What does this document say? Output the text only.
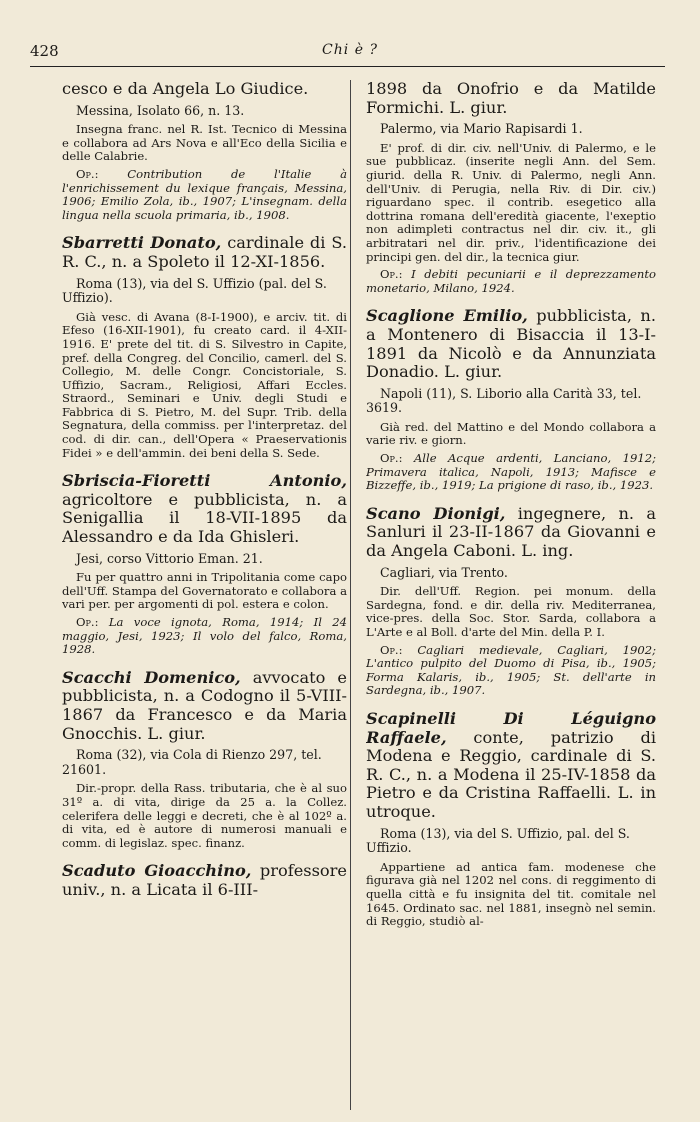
428	Chi è ?

cesco e da Angela Lo Giudice.

Messina, Isolato 66, n. 13.

Insegna franc. nel R. Ist. Tecnico di Messina e collabora ad Ars Nova e all'Eco della Sicilia e delle Calabrie.

Op.: Contribution de l'Italie à l'enrichissement du lexique français, Messina, 1906; Emilio Zola, ib., 1907; L'insegnam. della lingua nella scuola primaria, ib., 1908.

Sbarretti Donato, cardinale di S. R. C., n. a Spoleto il 12-XI-1856.

Roma (13), via del S. Uffizio (pal. del S. Uffizio).

Già vesc. di Avana (8-I-1900), e arciv. tit. di Efeso (16-XII-1901), fu creato card. il 4-XII-1916. E' prete del tit. di S. Silvestro in Capite, pref. della Congreg. del Concilio, camerl. del S. Collegio, M. delle Congr. Concistoriale, S. Uffizio, Sacram., Religiosi, Affari Eccles. Straord., Seminari e Univ. degli Studi e Fabbrica di S. Pietro, M. del Supr. Trib. della Segnatura, della commiss. per l'interpretaz. del cod. di dir. can., dell'Opera « Praeservationis Fidei » e dell'ammin. dei beni della S. Sede.

Sbriscia-Fioretti Antonio, agricoltore e pubblicista, n. a Senigallia il 18-VII-1895 da Alessandro e da Ida Ghisleri.

Jesi, corso Vittorio Eman. 21.

Fu per quattro anni in Tripolitania come capo dell'Uff. Stampa del Governatorato e collabora a vari per. per argomenti di pol. estera e colon.

Op.: La voce ignota, Roma, 1914; Il 24 maggio, Jesi, 1923; Il volo del falco, Roma, 1928.

Scacchi Domenico, avvocato e pubblicista, n. a Codogno il 5-VIII-1867 da Francesco e da Maria Gnocchis. L. giur.

Roma (32), via Cola di Rienzo 297, tel. 21601.

Dir.-propr. della Rass. tributaria, che è al suo 31º a. di vita, dirige da 25 a. la Collez. celerifera delle leggi e decreti, che è al 102º a. di vita, ed è autore di numerosi manuali e comm. di legislaz. spec. finanz.

Scaduto Gioacchino, professore univ., n. a Licata il 6-III-

1898 da Onofrio e da Matilde Formichi. L. giur.

Palermo, via Mario Rapisardi 1.

E' prof. di dir. civ. nell'Univ. di Palermo, e le sue pubblicaz. (inserite negli Ann. del Sem. giurid. della R. Univ. di Palermo, negli Ann. dell'Univ. di Perugia, nella Riv. di Dir. civ.) riguardano spec. il contrib. esegetico alla dottrina romana dell'eredità giacente, l'exeptio non adimpleti contractus nel dir. civ. it., gli arbitratari nel dir. priv., l'identificazione dei principi gen. del dir., la tecnica giur.

Op.: I debiti pecuniarii e il deprezzamento monetario, Milano, 1924.

Scaglione Emilio, pubblicista, n. a Montenero di Bisaccia il 13-I-1891 da Nicolò e da Annunziata Donadio. L. giur.

Napoli (11), S. Liborio alla Carità 33, tel. 3619.

Già red. del Mattino e del Mondo collabora a varie riv. e giorn.

Op.: Alle Acque ardenti, Lanciano, 1912; Primavera italica, Napoli, 1913; Mafisce e Bizzeffe, ib., 1919; La prigione di raso, ib., 1923.

Scano Dionigi, ingegnere, n. a Sanluri il 23-II-1867 da Giovanni e da Angela Caboni. L. ing.

Cagliari, via Trento.

Dir. dell'Uff. Region. pei monum. della Sardegna, fond. e dir. della riv. Mediterranea, vice-pres. della Soc. Stor. Sarda, collabora a L'Arte e al Boll. d'arte del Min. della P. I.

Op.: Cagliari medievale, Cagliari, 1902; L'antico pulpito del Duomo di Pisa, ib., 1905; Forma Kalaris, ib., 1905; St. dell'arte in Sardegna, ib., 1907.

Scapinelli Di Léguigno Raffaele, conte, patrizio di Modena e Reggio, cardinale di S. R. C., n. a Modena il 25-IV-1858 da Pietro e da Cristina Raffaelli. L. in utroque.

Roma (13), via del S. Uffizio, pal. del S. Uffizio.

Appartiene ad antica fam. modenese che figurava già nel 1202 nel cons. di reggimento di quella città e fu insignita del tit. comitale nel 1645. Ordinato sac. nel 1881, insegnò nel semin. di Reggio, studiò al-
